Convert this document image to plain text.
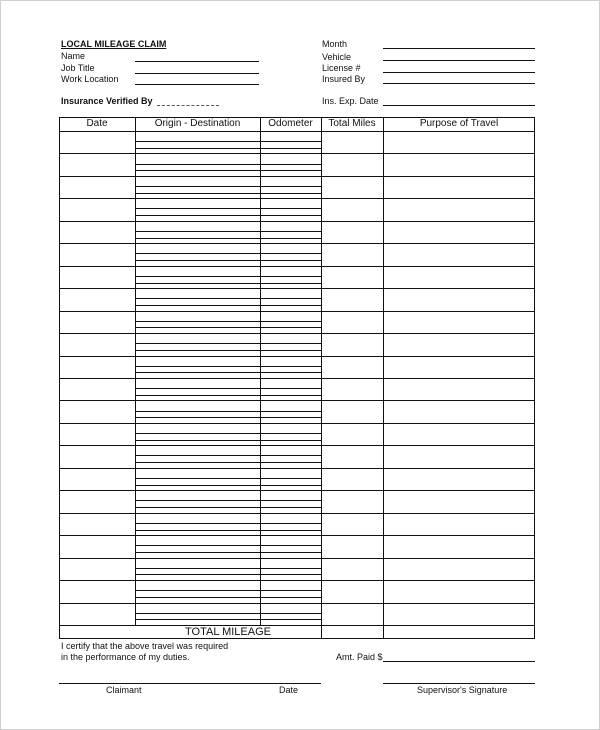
LOCAL MILEAGE CLAIM
Name
Job Title
Work Location
Insurance Verified By
Month
Vehicle
License #
Insured By
Ins. Exp. Date
Date	Origin - Destination	Odometer	Total Miles	Purpose of Travel
TOTAL MILEAGE
I certify that the above travel was required
in the performance of my duties.	Amt. Paid $
Claimant	Date	Supervisor's Signature
